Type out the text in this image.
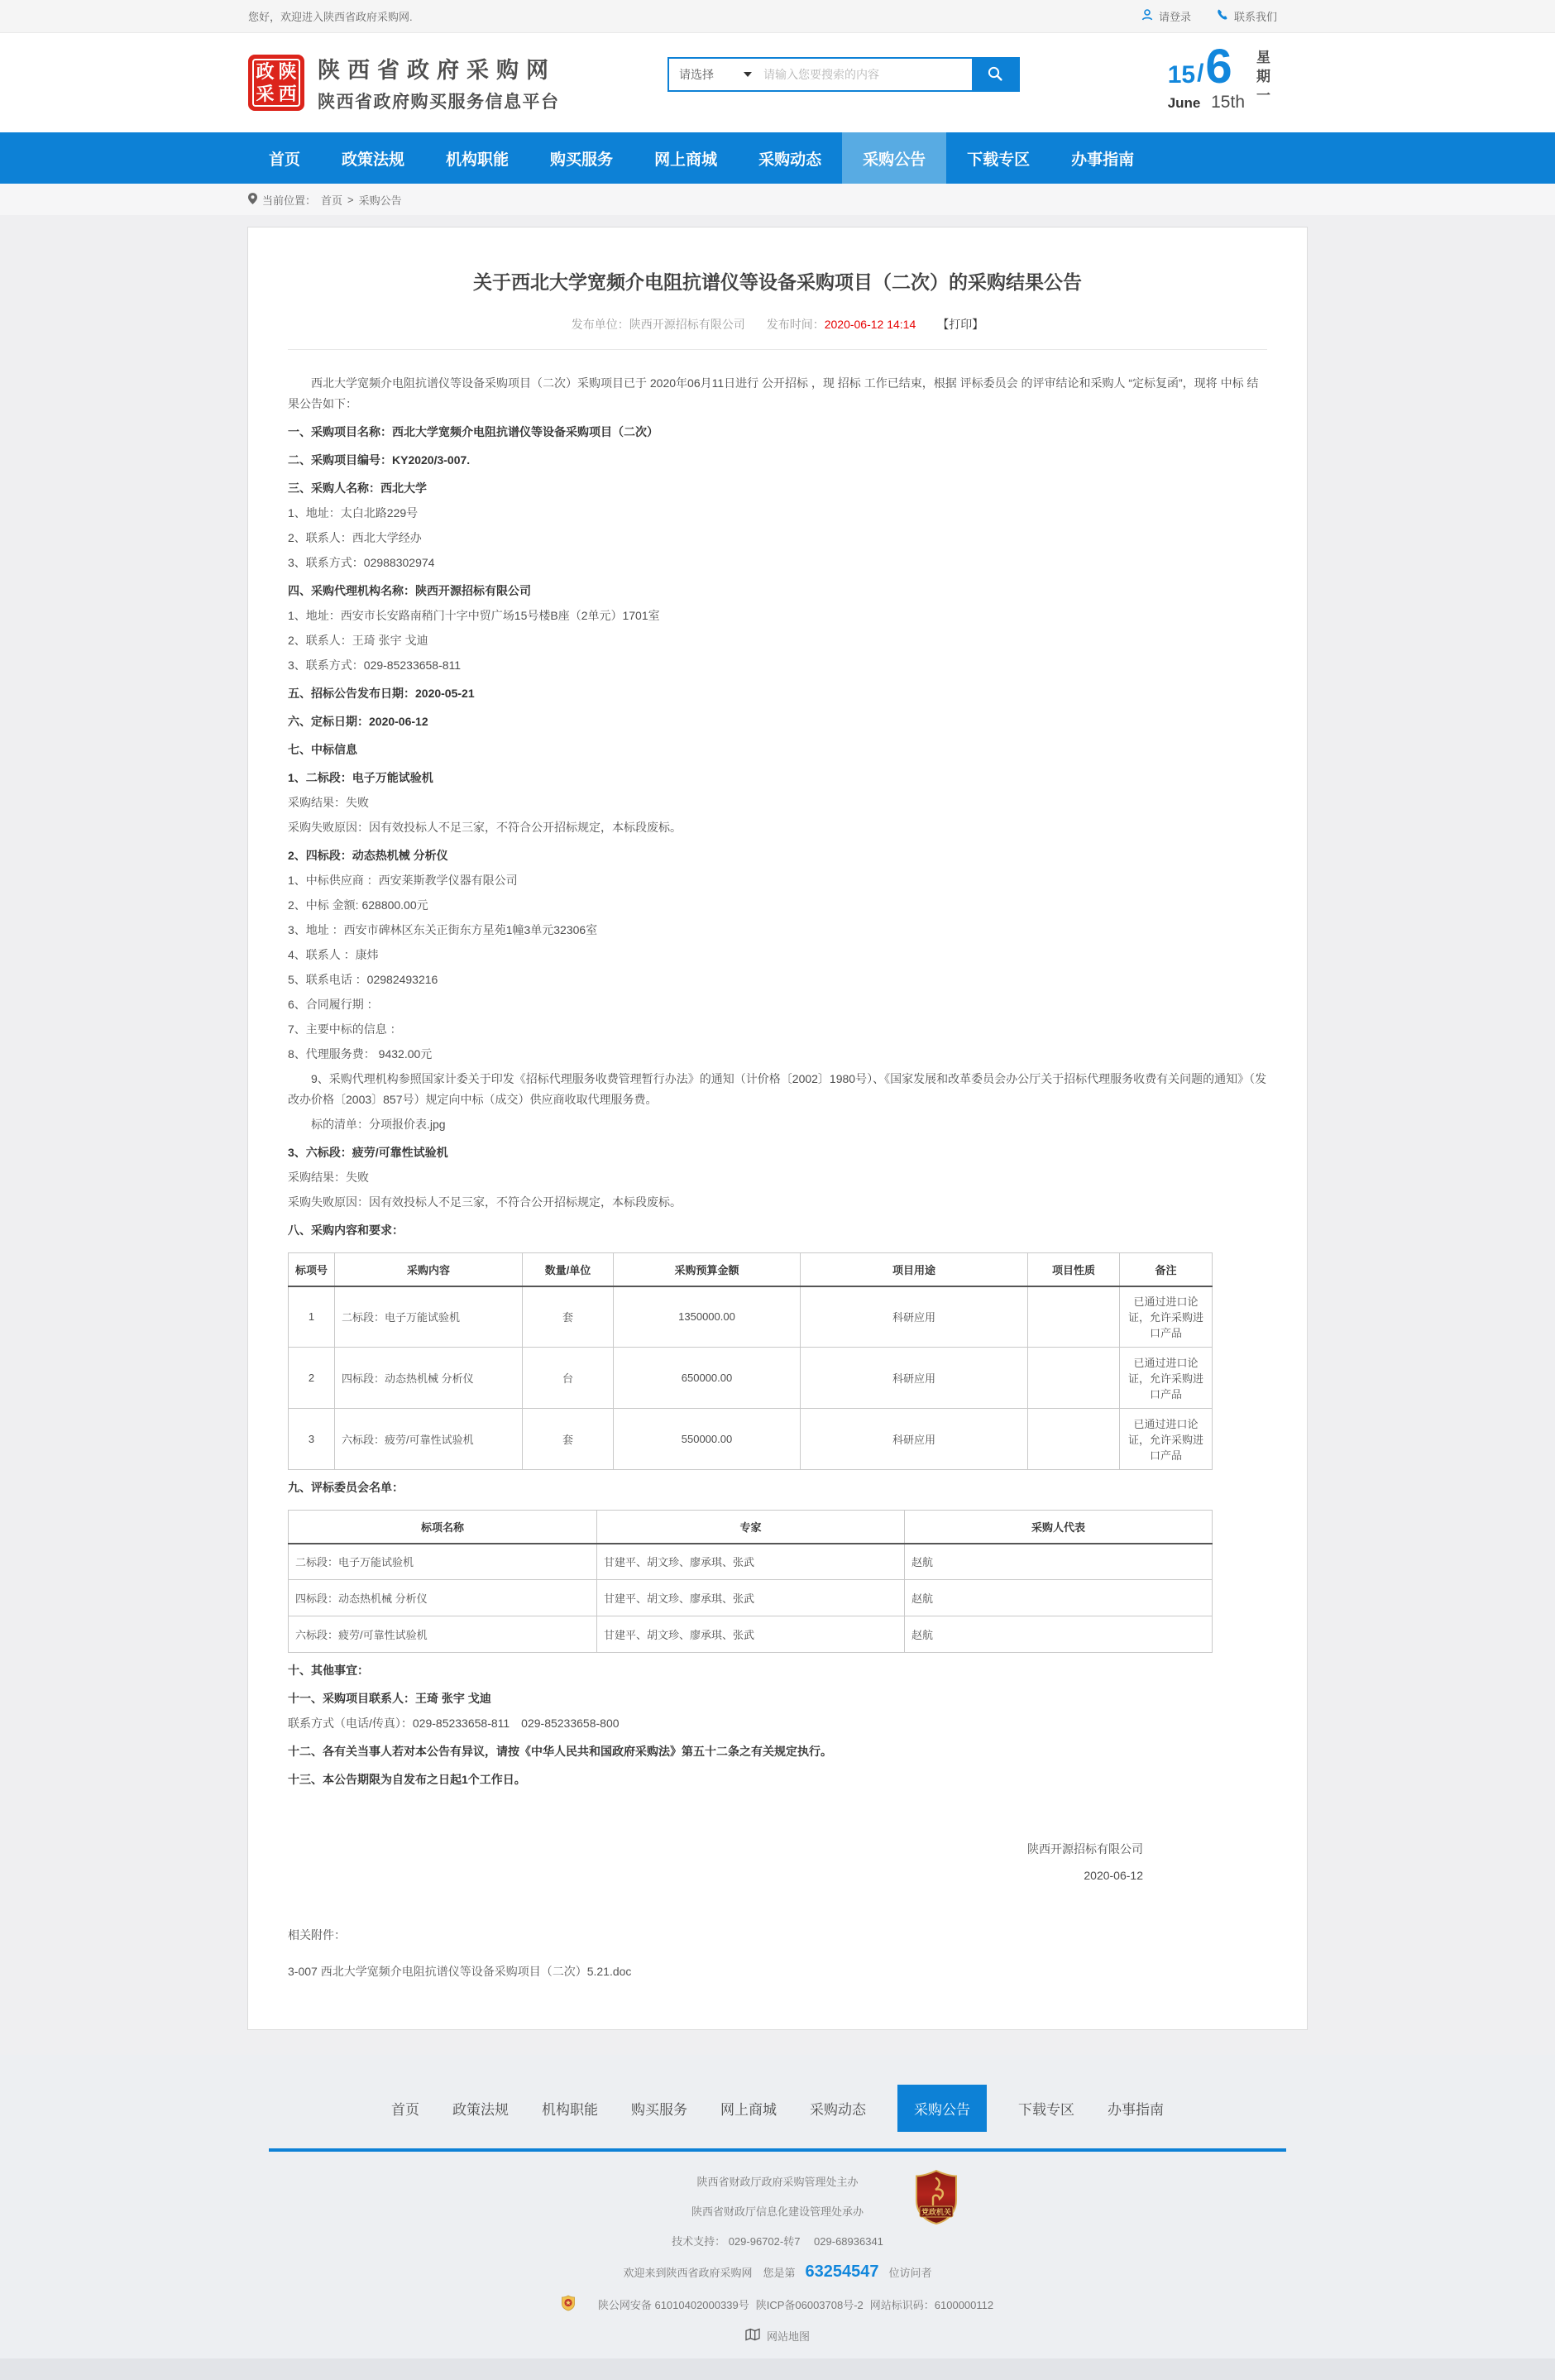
您好，欢迎进入陕西省政府采购网.	请登录	联系我们
政 陕
采 西
陕西省政府采购网
陕西省政府购买服务信息平台
请选择
请输入您要搜索的内容	15 / 6
June 15th
星
期
一
首页	政策法规	机构职能	购买服务	网上商城	采购动态	采购公告	下载专区	办事指南
当前位置： 首页 > 采购公告
关于西北大学宽频介电阻抗谱仪等设备采购项目（二次）的采购结果公告
发布单位：陕西开源招标有限公司 发布时间：2020-06-12 14:14 【打印】

西北大学宽频介电阻抗谱仪等设备采购项目（二次）采购项目已于 2020年06月11日进行 公开招标 ，现 招标 工作已结束，根据 评标委员会 的评审结论和采购人 “定标复函”，现将 中标 结果公告如下：

一、采购项目名称：西北大学宽频介电阻抗谱仪等设备采购项目（二次）

二、采购项目编号：KY2020/3-007.

三、采购人名称：西北大学

1、地址：太白北路229号

2、联系人：西北大学经办

3、联系方式：02988302974

四、采购代理机构名称：陕西开源招标有限公司

1、地址：西安市长安路南稍门十字中贸广场15号楼B座（2单元）1701室

2、联系人：王琦 张宇 戈迪

3、联系方式：029-85233658-811

五、招标公告发布日期：2020-05-21

六、定标日期：2020-06-12

七、中标信息

1、二标段：电子万能试验机

采购结果：失败

采购失败原因：因有效投标人不足三家，不符合公开招标规定，本标段废标。

2、四标段：动态热机械 分析仪

1、中标供应商 ：西安莱斯教学仪器有限公司

2、中标 金额: 628800.00元

3、地址 ：西安市碑林区东关正街东方星苑1幢3单元32306室

4、联系人 ：康炜

5、联系电话 ：02982493216

6、合同履行期 ：

7、主要中标的信息 ：

8、代理服务费： 9432.00元

9、采购代理机构参照国家计委关于印发《招标代理服务收费管理暂行办法》的通知（计价格〔2002〕1980号）、《国家发展和改革委员会办公厅关于招标代理服务收费有关问题的通知》（发改办价格〔2003〕857号）规定向中标（成交）供应商收取代理服务费。

标的清单：分项报价表.jpg

3、六标段：疲劳/可靠性试验机

采购结果：失败

采购失败原因：因有效投标人不足三家，不符合公开招标规定，本标段废标。

八、采购内容和要求：

标项号	采购内容	数量/单位	采购预算金额	项目用途	项目性质	备注
1	二标段：电子万能试验机	套	1350000.00	科研应用		已通过进口论证，允许采购进口产品
2	四标段：动态热机械 分析仪	台	650000.00	科研应用		已通过进口论证，允许采购进口产品
3	六标段：疲劳/可靠性试验机	套	550000.00	科研应用		已通过进口论证，允许采购进口产品

九、评标委员会名单：

标项名称	专家	采购人代表
二标段：电子万能试验机	甘建平、胡文珍、廖承琪、张武	赵航
四标段：动态热机械 分析仪	甘建平、胡文珍、廖承琪、张武	赵航
六标段：疲劳/可靠性试验机	甘建平、胡文珍、廖承琪、张武	赵航

十、其他事宜：

十一、采购项目联系人：王琦 张宇 戈迪

联系方式（电话/传真）：029-85233658-811　029-85233658-800

十二、各有关当事人若对本公告有异议，请按《中华人民共和国政府采购法》第五十二条之有关规定执行。

十三、本公告期限为自发布之日起1个工作日。

陕西开源招标有限公司
2020-06-12
相关附件：
3-007 西北大学宽频介电阻抗谱仪等设备采购项目（二次）5.21.doc
首页 政策法规 机构职能 购买服务 网上商城 采购动态	采购公告	下载专区 办事指南
党政机关
陕西省财政厅政府采购管理处主办
陕西省财政厅信息化建设管理处承办
技术支持： 029-96702-转7　 029-68936341
欢迎来到陕西省政府采购网　您是第 63254547 位访问者
陕公网安备 61010402000339号 陕ICP备06003708号-2 网站标识码：6100000112
网站地图
